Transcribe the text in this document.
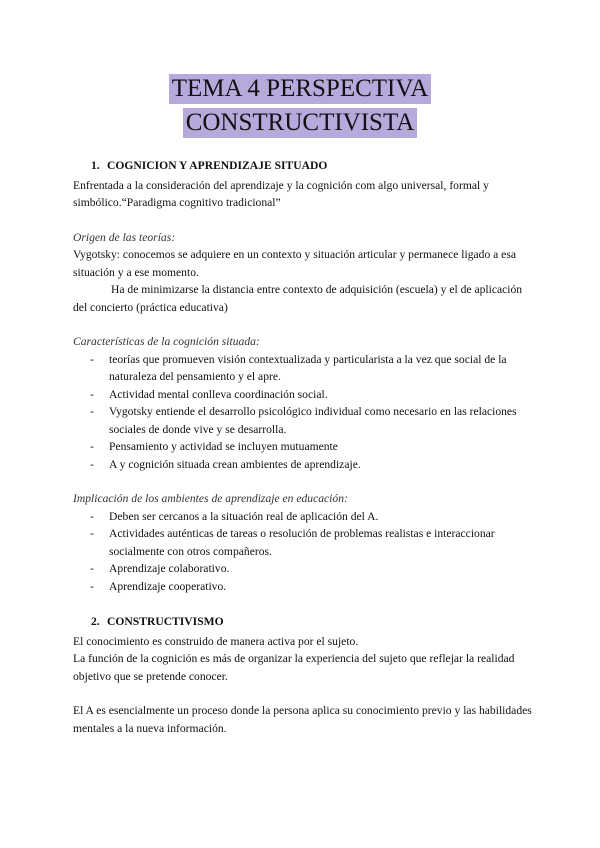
TEMA 4 PERSPECTIVA
CONSTRUCTIVISTA

1. COGNICION Y APRENDIZAJE SITUADO

Enfrentada a la consideración del aprendizaje y la cognición com algo universal, formal y simbólico.“Paradigma cognitivo tradicional”

Origen de las teorías:

Vygotsky: conocemos se adquiere en un contexto y situación articular y permanece ligado a esa situación y a ese momento.

Ha de minimizarse la distancia entre contexto de adquisición (escuela) y el de aplicación del concierto (práctica educativa)

Características de la cognición situada:

- teorías que promueven visión contextualizada y particularista a la vez que social de la naturaleza del pensamiento y el apre.
- Actividad mental conlleva coordinación social.
- Vygotsky entiende el desarrollo psicológico individual como necesario en las relaciones sociales de donde vive y se desarrolla.
- Pensamiento y actividad se incluyen mutuamente
- A y cognición situada crean ambientes de aprendizaje.

Implicación de los ambientes de aprendizaje en educación:

- Deben ser cercanos a la situación real de aplicación del A.
- Actividades auténticas de tareas o resolución de problemas realistas e interaccionar socialmente con otros compañeros.
- Aprendizaje colaborativo.
- Aprendizaje cooperativo.

2. CONSTRUCTIVISMO

El conocimiento es construido de manera activa por el sujeto.

La función de la cognición es más de organizar la experiencia del sujeto que reflejar la realidad objetivo que se pretende conocer.

El A es esencialmente un proceso donde la persona aplica su conocimiento previo y las habilidades mentales a la nueva información.
